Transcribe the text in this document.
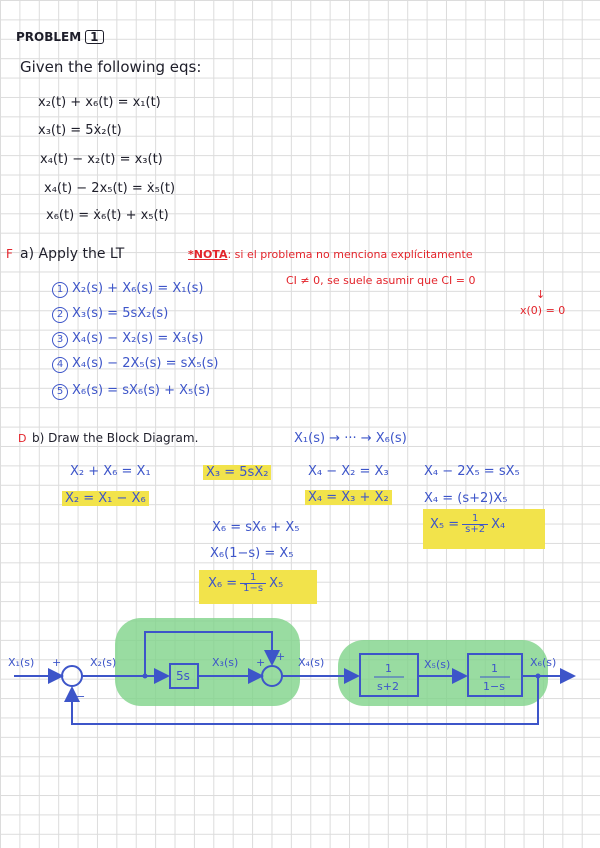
PROBLEM 1
Given the following eqs:
x₂(t) + x₆(t) = x₁(t)
x₃(t) = 5ẋ₂(t)
x₄(t) − x₂(t) = x₃(t)
x₄(t) − 2x₅(t) = ẋ₅(t)
x₆(t) = ẋ₆(t) + x₅(t)
F a) Apply the LT	*NOTA: si el problema no menciona explícitamente
CI ≠ 0, se suele asumir que CI = 0
↓
x(0) = 0
1 X₂(s) + X₆(s) = X₁(s)
2 X₃(s) = 5sX₂(s)
3 X₄(s) − X₂(s) = X₃(s)
4 X₄(s) − 2X₅(s) = sX₅(s)
5 X₆(s) = sX₆(s) + X₅(s)
D b) Draw the Block Diagram.	X₁(s) → ··· → X₆(s)
X₂ + X₆ = X₁
X₂ = X₁ − X₆
X₃ = 5sX₂	X₄ − X₂ = X₃
X₄ = X₃ + X₂
X₄ − 2X₅ = sX₅
X₄ = (s+2)X₅
$X_5 = \frac{1}{s+2} X_4$
X₆ = sX₆ + X₅
X₆(1−s) = X₅
$X_6 = \frac{1}{1-s} X_5$
X₁(s)	X₂(s)	X₃(s)	X₄(s)	X₅(s)	X₆(s)
+
−
+ +
5s
1
s+2
1
1−s
